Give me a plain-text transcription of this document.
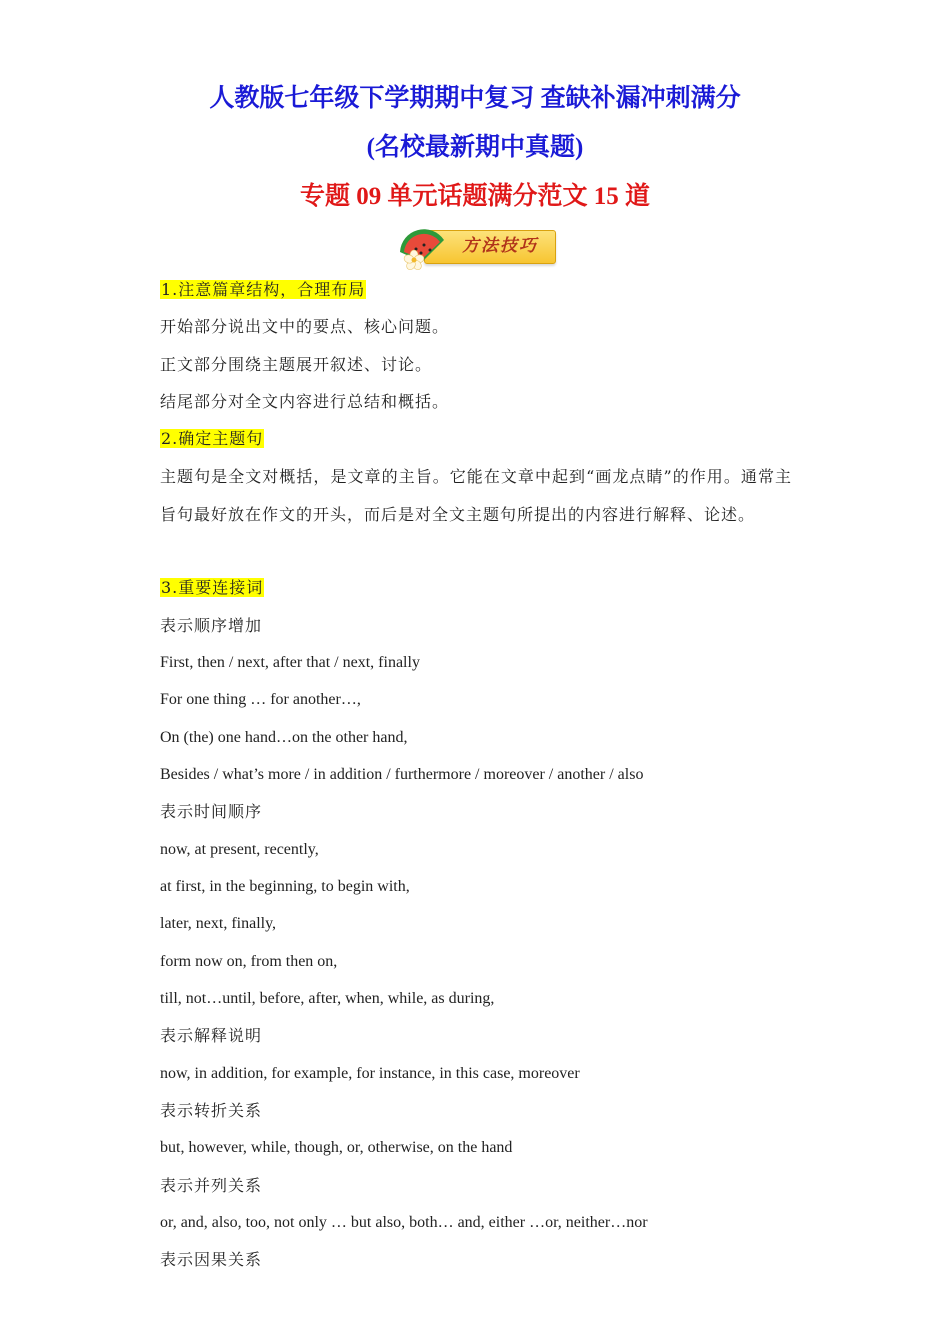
人教版七年级下学期期中复习 查缺补漏冲刺满分
(名校最新期中真题)
专题 09 单元话题满分范文 15 道
方法技巧
1.注意篇章结构，合理布局
开始部分说出文中的要点、核心问题。
正文部分围绕主题展开叙述、讨论。
结尾部分对全文内容进行总结和概括。
2.确定主题句
主题句是全文对概括，是文章的主旨。它能在文章中起到“画龙点睛”的作用。通常主旨句最好放在作文的开头，而后是对全文主题句所提出的内容进行解释、论述。
3.重要连接词
表示顺序增加
First, then / next, after that / next, finally
For one thing … for another…,
On (the) one hand…on the other hand,
Besides / what’s more / in addition / furthermore / moreover / another / also
表示时间顺序
now, at present, recently,
at first, in the beginning, to begin with,
later, next, finally,
form now on, from then on,
till, not…until, before, after, when, while, as during,
表示解释说明
now, in addition, for example, for instance, in this case, moreover
表示转折关系
but, however, while, though, or, otherwise, on the hand
表示并列关系
or, and, also, too, not only … but also, both… and, either …or, neither…nor
表示因果关系
